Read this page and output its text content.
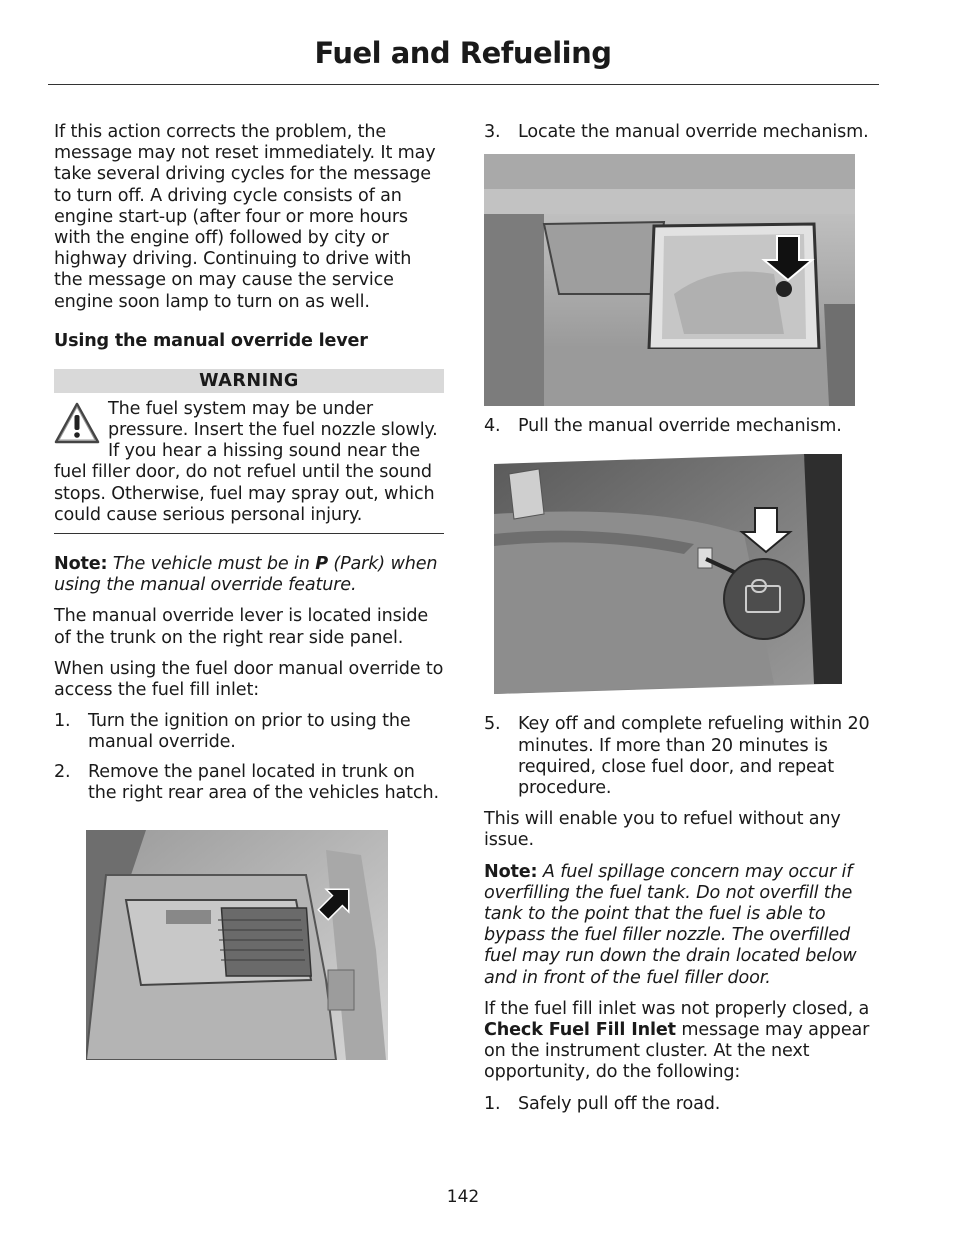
Fuel and Refueling

If this action corrects the problem, the message may not reset immediately. It may take several driving cycles for the message to turn off. A driving cycle consists of an engine start-up (after four or more hours with the engine off) followed by city or highway driving. Continuing to drive with the message on may cause the service engine soon lamp to turn on as well.

Using the manual override lever
WARNING

The fuel system may be under pressure. Insert the fuel nozzle slowly. If you hear a hissing sound near the fuel filler door, do not refuel until the sound stops. Otherwise, fuel may spray out, which could cause serious personal injury.

Note: The vehicle must be in P (Park) when using the manual override feature.

The manual override lever is located inside of the trunk on the right rear side panel.

When using the fuel door manual override to access the fuel fill inlet:

1. Turn the ignition on prior to using the manual override.
2. Remove the panel located in trunk on the right rear area of the vehicles hatch.
3. Locate the manual override mechanism.
4. Pull the manual override mechanism.
5. Key off and complete refueling within 20 minutes. If more than 20 minutes is required, close fuel door, and repeat procedure.

This will enable you to refuel without any issue.

Note: A fuel spillage concern may occur if overfilling the fuel tank. Do not overfill the tank to the point that the fuel is able to bypass the fuel filler nozzle. The overfilled fuel may run down the drain located below and in front of the fuel filler door.

If the fuel fill inlet was not properly closed, a Check Fuel Fill Inlet message may appear on the instrument cluster. At the next opportunity, do the following:

1. Safely pull off the road.
142
